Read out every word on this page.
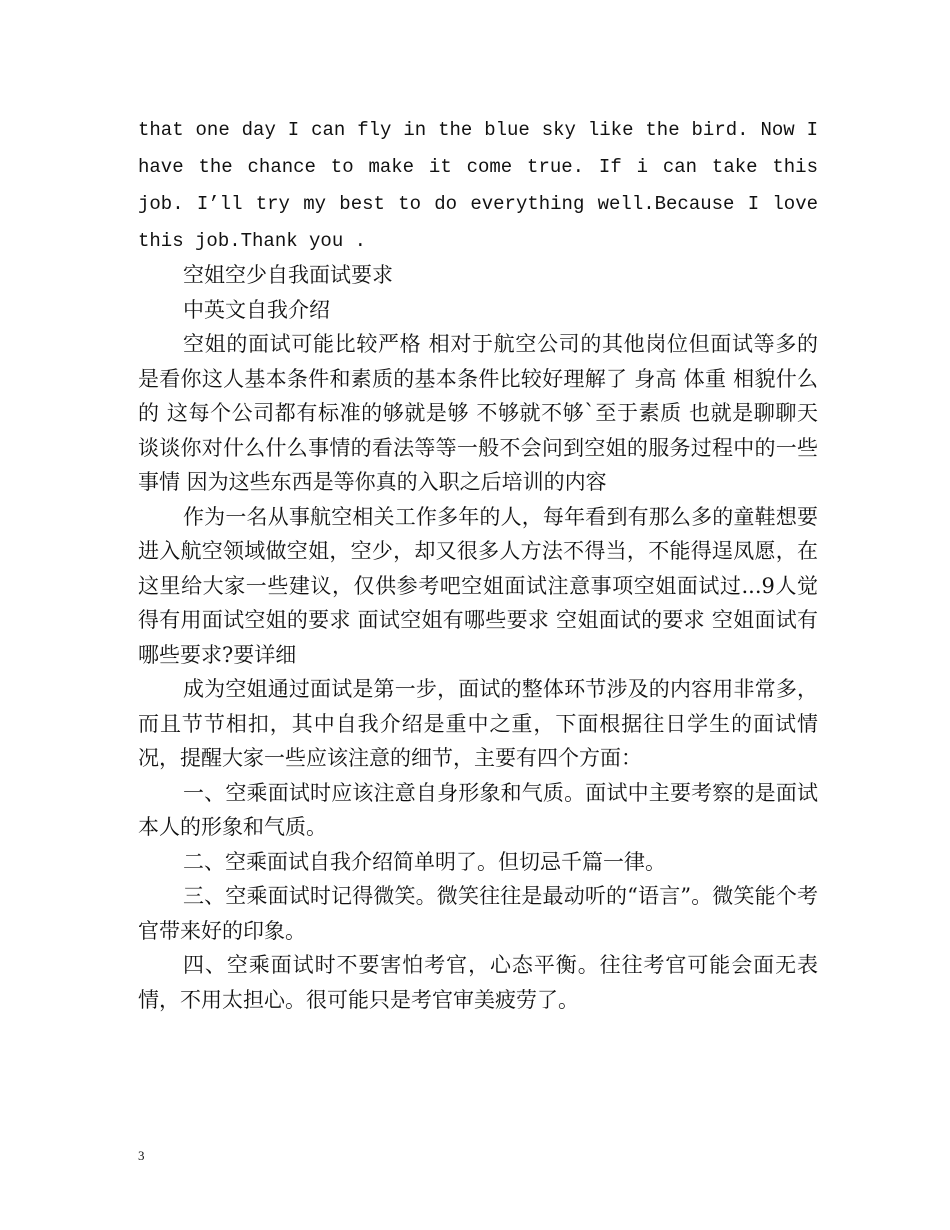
that one day I can fly in the blue sky like the bird. Now I have the chance to make it come true. If i can take this job. I’ll try my best to do everything well.Because I love this job.Thank you .

空姐空少自我面试要求

中英文自我介绍

空姐的面试可能比较严格 相对于航空公司的其他岗位但面试等多的是看你这人基本条件和素质的基本条件比较好理解了 身高 体重 相貌什么的 这每个公司都有标准的够就是够 不够就不够`至于素质 也就是聊聊天 谈谈你对什么什么事情的看法等等一般不会问到空姐的服务过程中的一些事情 因为这些东西是等你真的入职之后培训的内容

作为一名从事航空相关工作多年的人，每年看到有那么多的童鞋想要进入航空领域做空姐，空少，却又很多人方法不得当，不能得逞凤愿，在这里给大家一些建议，仅供参考吧空姐面试注意事项空姐面试过...9人觉得有用面试空姐的要求 面试空姐有哪些要求 空姐面试的要求 空姐面试有哪些要求?要详细

成为空姐通过面试是第一步，面试的整体环节涉及的内容用非常多，而且节节相扣，其中自我介绍是重中之重，下面根据往日学生的面试情况，提醒大家一些应该注意的细节，主要有四个方面：

一、空乘面试时应该注意自身形象和气质。面试中主要考察的是面试本人的形象和气质。

二、空乘面试自我介绍简单明了。但切忌千篇一律。

三、空乘面试时记得微笑。微笑往往是最动听的“语言”。微笑能个考官带来好的印象。

四、空乘面试时不要害怕考官，心态平衡。往往考官可能会面无表情，不用太担心。很可能只是考官审美疲劳了。

3
